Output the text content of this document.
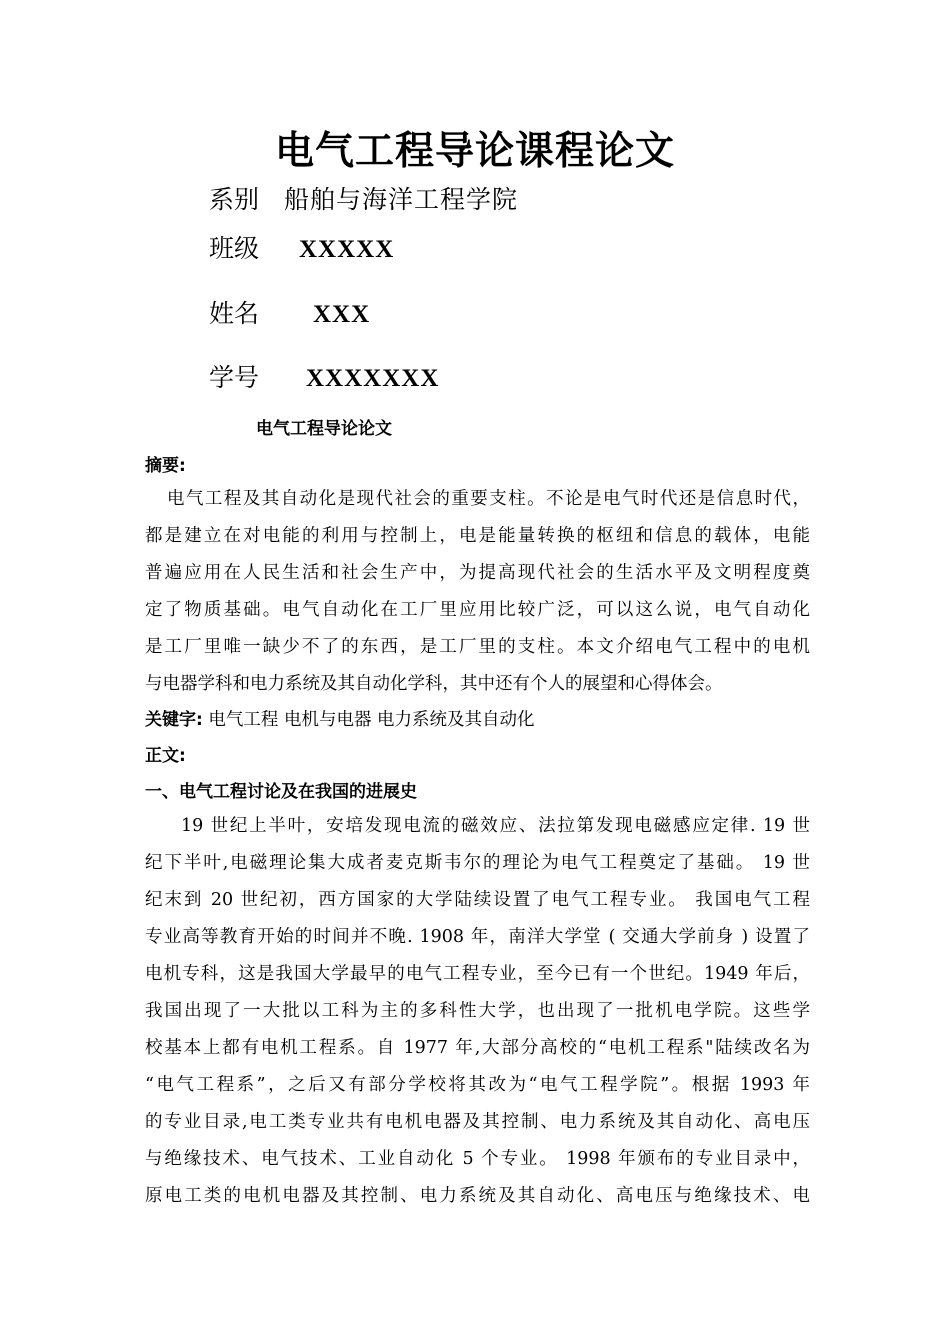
电气工程导论课程论文
系别 船舶与海洋工程学院
班级 XXXXX
姓名 XXX
学号 XXXXXXX
电气工程导论论文
摘要:
电气工程及其自动化是现代社会的重要支柱。不论是电气时代还是信息时代，
都是建立在对电能的利用与控制上，电是能量转换的枢纽和信息的载体，电能
普遍应用在人民生活和社会生产中，为提高现代社会的生活水平及文明程度奠
定了物质基础。电气自动化在工厂里应用比较广泛，可以这么说，电气自动化
是工厂里唯一缺少不了的东西，是工厂里的支柱。本文介绍电气工程中的电机
与电器学科和电力系统及其自动化学科，其中还有个人的展望和心得体会。
关键字: 电气工程 电机与电器 电力系统及其自动化
正文:
一、电气工程讨论及在我国的进展史
19 世纪上半叶，安培发现电流的磁效应、法拉第发现电磁感应定律. 19 世
纪下半叶,电磁理论集大成者麦克斯韦尔的理论为电气工程奠定了基础。 19 世
纪末到 20 世纪初，西方国家的大学陆续设置了电气工程专业。 我国电气工程
专业高等教育开始的时间并不晚. 1908 年，南洋大学堂 ( 交通大学前身 ) 设置了
电机专科，这是我国大学最早的电气工程专业，至今已有一个世纪。1949 年后，
我国出现了一大批以工科为主的多科性大学，也出现了一批机电学院。这些学
校基本上都有电机工程系。自 1977 年,大部分高校的“电机工程系"陆续改名为
“电气工程系”，之后又有部分学校将其改为“电气工程学院”。根据 1993 年
的专业目录,电工类专业共有电机电器及其控制、电力系统及其自动化、高电压
与绝缘技术、电气技术、工业自动化 5 个专业。 1998 年颁布的专业目录中，
原电工类的电机电器及其控制、电力系统及其自动化、高电压与绝缘技术、电
